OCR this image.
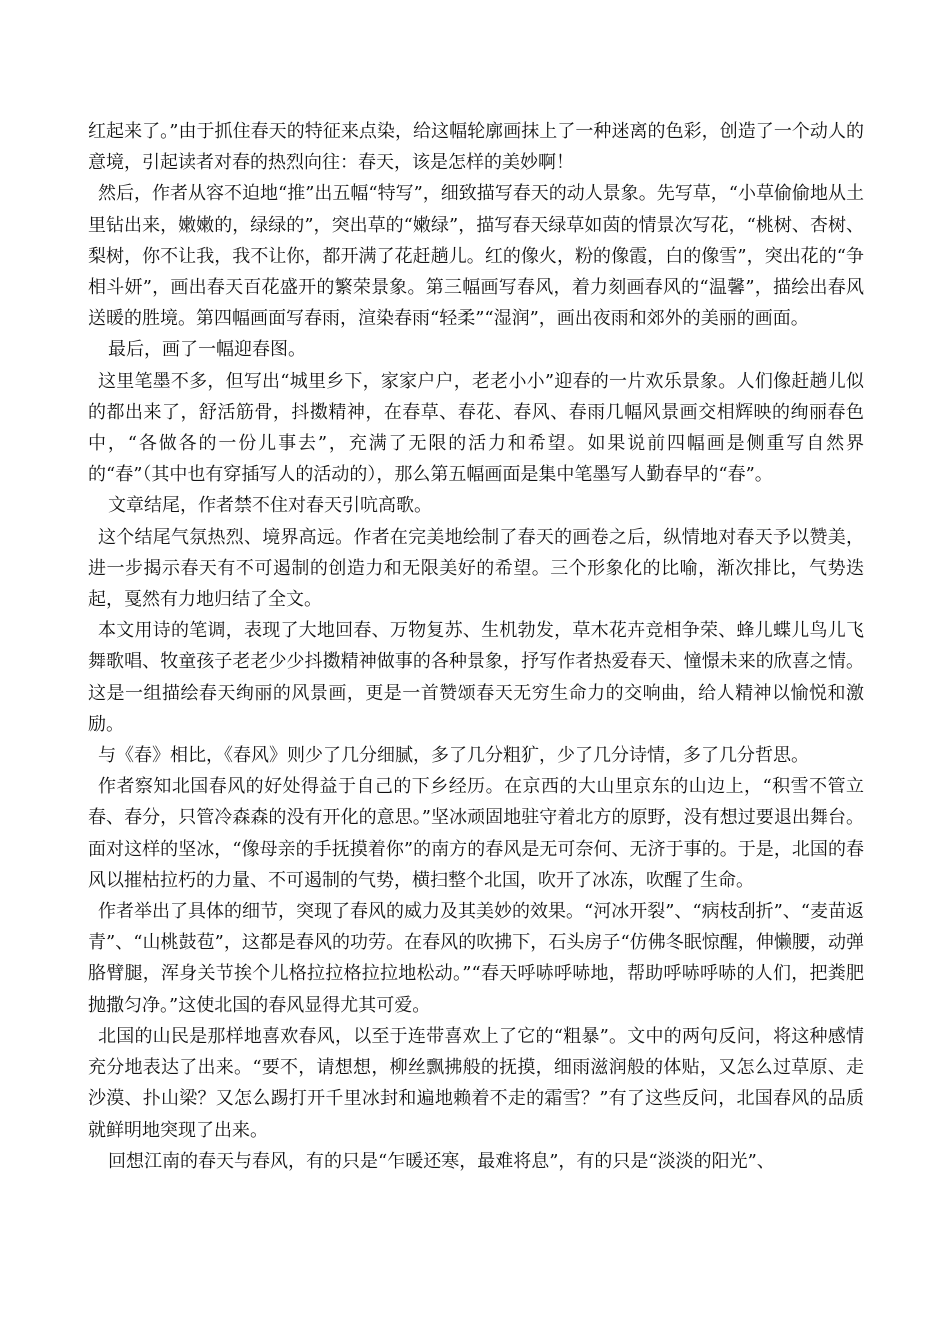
红起来了。”由于抓住春天的特征来点染，给这幅轮廓画抹上了一种迷离的色彩，创造了一个动人的意境，引起读者对春的热烈向往：春天，该是怎样的美妙啊！

然后，作者从容不迫地“推”出五幅“特写”，细致描写春天的动人景象。先写草，“小草偷偷地从土里钻出来，嫩嫩的，绿绿的”，突出草的“嫩绿”，描写春天绿草如茵的情景次写花，“桃树、杏树、梨树，你不让我，我不让你，都开满了花赶趟儿。红的像火，粉的像霞，白的像雪”，突出花的“争相斗妍”，画出春天百花盛开的繁荣景象。第三幅画写春风，着力刻画春风的“温馨”，描绘出春风送暖的胜境。第四幅画面写春雨，渲染春雨“轻柔”“湿润”，画出夜雨和郊外的美丽的画面。

最后，画了一幅迎春图。

这里笔墨不多，但写出“城里乡下，家家户户，老老小小”迎春的一片欢乐景象。人们像赶趟儿似的都出来了，舒活筋骨，抖擞精神，在春草、春花、春风、春雨几幅风景画交相辉映的绚丽春色中，“各做各的一份儿事去”，充满了无限的活力和希望。如果说前四幅画是侧重写自然界的“春”（其中也有穿插写人的活动的），那么第五幅画面是集中笔墨写人勤春早的“春”。

文章结尾，作者禁不住对春天引吭高歌。

这个结尾气氛热烈、境界高远。作者在完美地绘制了春天的画卷之后，纵情地对春天予以赞美，进一步揭示春天有不可遏制的创造力和无限美好的希望。三个形象化的比喻，渐次排比，气势迭起，戛然有力地归结了全文。

本文用诗的笔调，表现了大地回春、万物复苏、生机勃发，草木花卉竞相争荣、蜂儿蝶儿鸟儿飞舞歌唱、牧童孩子老老少少抖擞精神做事的各种景象，抒写作者热爱春天、憧憬未来的欣喜之情。这是一组描绘春天绚丽的风景画，更是一首赞颂春天无穷生命力的交响曲，给人精神以愉悦和激励。

与《春》相比，《春风》则少了几分细腻，多了几分粗犷，少了几分诗情，多了几分哲思。

作者察知北国春风的好处得益于自己的下乡经历。在京西的大山里京东的山边上，“积雪不管立春、春分，只管冷森森的没有开化的意思。”坚冰顽固地驻守着北方的原野，没有想过要退出舞台。面对这样的坚冰，“像母亲的手抚摸着你”的南方的春风是无可奈何、无济于事的。于是，北国的春风以摧枯拉朽的力量、不可遏制的气势，横扫整个北国，吹开了冰冻，吹醒了生命。

作者举出了具体的细节，突现了春风的威力及其美妙的效果。“河冰开裂”、“病枝刮折”、“麦苗返青”、“山桃鼓苞”，这都是春风的功劳。在春风的吹拂下，石头房子“仿佛冬眠惊醒，伸懒腰，动弹胳臂腿，浑身关节挨个儿格拉拉格拉拉地松动。”“春天呼哧呼哧地，帮助呼哧呼哧的人们，把粪肥抛撒匀净。”这使北国的春风显得尤其可爱。

北国的山民是那样地喜欢春风，以至于连带喜欢上了它的“粗暴”。文中的两句反问，将这种感情充分地表达了出来。“要不，请想想，柳丝飘拂般的抚摸，细雨滋润般的体贴，又怎么过草原、走沙漠、扑山梁？又怎么踢打开千里冰封和遍地赖着不走的霜雪？”有了这些反问，北国春风的品质就鲜明地突现了出来。

回想江南的春天与春风，有的只是“乍暖还寒，最难将息”，有的只是“淡淡的阳光”、
